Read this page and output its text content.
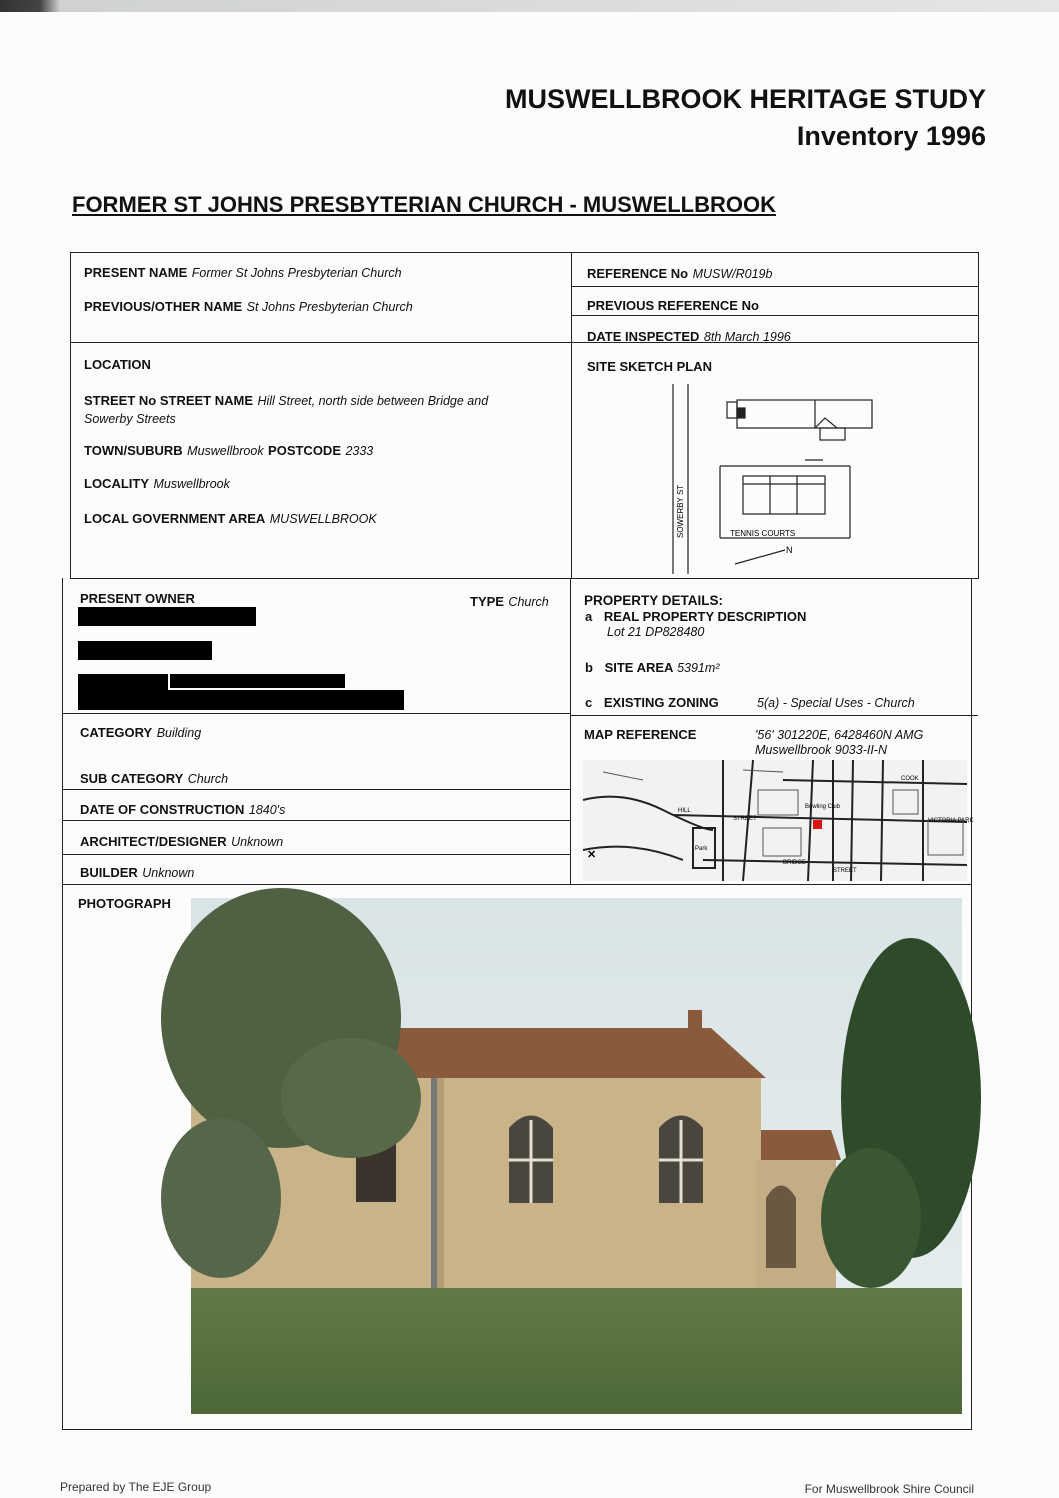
MUSWELLBROOK HERITAGE STUDY
Inventory 1996
FORMER ST JOHNS PRESBYTERIAN CHURCH - MUSWELLBROOK
PRESENT NAME Former St Johns Presbyterian Church
PREVIOUS/OTHER NAME St Johns Presbyterian Church
REFERENCE No MUSW/R019b
PREVIOUS REFERENCE No
DATE INSPECTED 8th March 1996
LOCATION
STREET No STREET NAME Hill Street, north side between Bridge and
Sowerby Streets
TOWN/SUBURB Muswellbrook POSTCODE 2333
LOCALITY Muswellbrook
LOCAL GOVERNMENT AREA MUSWELLBROOK
SITE SKETCH PLAN
SOWERBY ST	TENNIS COURTS
N
PRESENT OWNER	TYPE Church	PROPERTY DETAILS:
a REAL PROPERTY DESCRIPTION
Lot 21 DP828480
b SITE AREA 5391m²
c EXISTING ZONING	5(a) - Special Uses - Church
CATEGORY Building
SUB CATEGORY Church
DATE OF CONSTRUCTION 1840's
ARCHITECT/DESIGNER Unknown
BUILDER Unknown
MAP REFERENCE	'56' 301220E, 6428460N AMG
Muswellbrook 9033-II-N
HILL
STREET
Bowling Club
VICTORIA PARK
Park
BRIDGE
STREET
COOK
✕
PHOTOGRAPH
Prepared by The EJE Group	For Muswellbrook Shire Council
